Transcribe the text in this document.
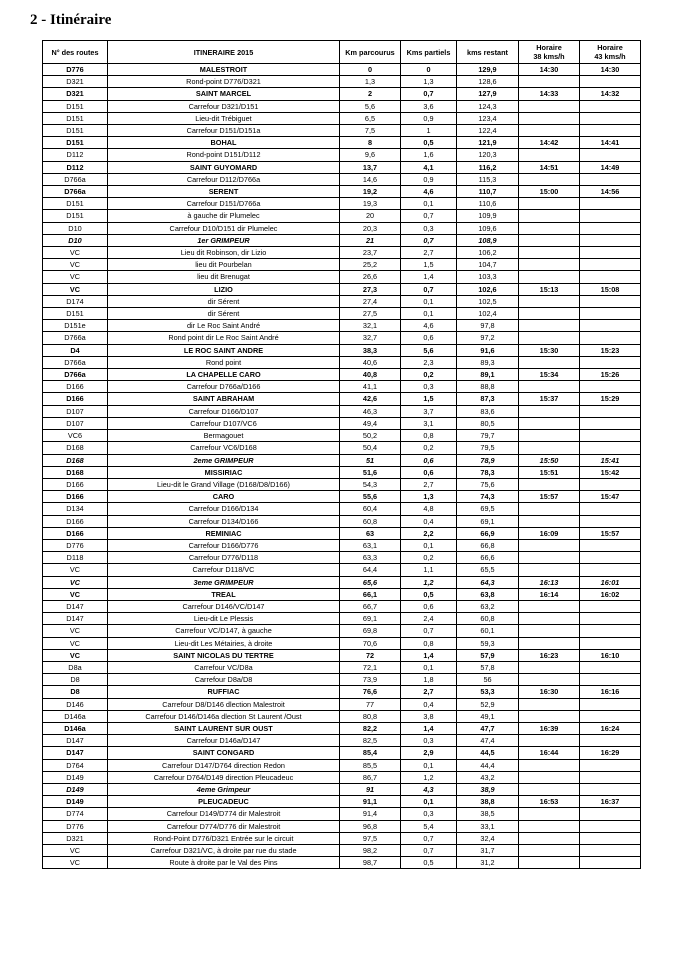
2 - Itinéraire
N° des routes	ITINERAIRE 2015	Km parcourus	Kms partiels	kms restant	Horaire
38 kms/h	Horaire
43 kms/h
D776	MALESTROIT	0	0	129,9	14:30	14:30
D321	Rond-point D776/D321	1,3	1,3	128,6		
D321	SAINT MARCEL	2	0,7	127,9	14:33	14:32
D151	Carrefour D321/D151	5,6	3,6	124,3		
D151	Lieu-dit Trébiguet	6,5	0,9	123,4		
D151	Carrefour D151/D151a	7,5	1	122,4		
D151	BOHAL	8	0,5	121,9	14:42	14:41
D112	Rond-point D151/D112	9,6	1,6	120,3		
D112	SAINT GUYOMARD	13,7	4,1	116,2	14:51	14:49
D766a	Carrefour D112/D766a	14,6	0,9	115,3		
D766a	SERENT	19,2	4,6	110,7	15:00	14:56
D151	Carrefour D151/D766a	19,3	0,1	110,6		
D151	à gauche dir Plumelec	20	0,7	109,9		
D10	Carrefour D10/D151 dir Plumelec	20,3	0,3	109,6		
D10	1er GRIMPEUR	21	0,7	108,9		
VC	Lieu dit Robinson, dir Lizio	23,7	2,7	106,2		
VC	lieu dit Pourbelan	25,2	1,5	104,7		
VC	lieu dit Brenugat	26,6	1,4	103,3		
VC	LIZIO	27,3	0,7	102,6	15:13	15:08
D174	dir Sérent	27,4	0,1	102,5		
D151	dir Sérent	27,5	0,1	102,4		
D151e	dir Le Roc Saint André	32,1	4,6	97,8		
D766a	Rond point dir Le Roc Saint André	32,7	0,6	97,2		
D4	LE ROC SAINT ANDRE	38,3	5,6	91,6	15:30	15:23
D766a	Rond point	40,6	2,3	89,3		
D766a	LA CHAPELLE CARO	40,8	0,2	89,1	15:34	15:26
D166	Carrefour D766a/D166	41,1	0,3	88,8		
D166	SAINT ABRAHAM	42,6	1,5	87,3	15:37	15:29
D107	Carrefour D166/D107	46,3	3,7	83,6		
D107	Carrefour D107/VC6	49,4	3,1	80,5		
VC6	Bermagouet	50,2	0,8	79,7		
D168	Carrefour VC6/D168	50,4	0,2	79,5		
D168	2eme GRIMPEUR	51	0,6	78,9	15:50	15:41
D168	MISSIRIAC	51,6	0,6	78,3	15:51	15:42
D166	Lieu-dit le Grand Village (D168/D8/D166)	54,3	2,7	75,6		
D166	CARO	55,6	1,3	74,3	15:57	15:47
D134	Carrefour D166/D134	60,4	4,8	69,5		
D166	Carrefour D134/D166	60,8	0,4	69,1		
D166	REMINIAC	63	2,2	66,9	16:09	15:57
D776	Carrefour D166/D776	63,1	0,1	66,8		
D118	Carrefour D776/D118	63,3	0,2	66,6		
VC	Carrefour D118/VC	64,4	1,1	65,5		
VC	3eme GRIMPEUR	65,6	1,2	64,3	16:13	16:01
VC	TREAL	66,1	0,5	63,8	16:14	16:02
D147	Carrefour D146/VC/D147	66,7	0,6	63,2		
D147	Lieu-dit Le Plessis	69,1	2,4	60,8		
VC	Carrefour VC/D147, à gauche	69,8	0,7	60,1		
VC	Lieu-dit Les Métairies, à droite	70,6	0,8	59,3		
VC	SAINT NICOLAS DU TERTRE	72	1,4	57,9	16:23	16:10
D8a	Carrefour VC/D8a	72,1	0,1	57,8		
D8	Carrefour D8a/D8	73,9	1,8	56		
D8	RUFFIAC	76,6	2,7	53,3	16:30	16:16
D146	Carrefour D8/D146 dlection Malestroit	77	0,4	52,9		
D146a	Carrefour D146/D146a dlection St Laurent /Oust	80,8	3,8	49,1		
D146a	SAINT LAURENT SUR OUST	82,2	1,4	47,7	16:39	16:24
D147	Carrefour D146a/D147	82,5	0,3	47,4		
D147	SAINT CONGARD	85,4	2,9	44,5	16:44	16:29
D764	Carrefour D147/D764 direction Redon	85,5	0,1	44,4		
D149	Carrefour D764/D149 direction Pleucadeuc	86,7	1,2	43,2		
D149	4eme Grimpeur	91	4,3	38,9		
D149	PLEUCADEUC	91,1	0,1	38,8	16:53	16:37
D774	Carrefour D149/D774 dir Malestroit	91,4	0,3	38,5		
D776	Carrefour D774/D776 dir Malestroit	96,8	5,4	33,1		
D321	Rond-Point D776/D321 Entrée sur le circuit	97,5	0,7	32,4		
VC	Carrefour D321/VC, à droite par rue du stade	98,2	0,7	31,7		
VC	Route à droite par le Val des Pins	98,7	0,5	31,2		
